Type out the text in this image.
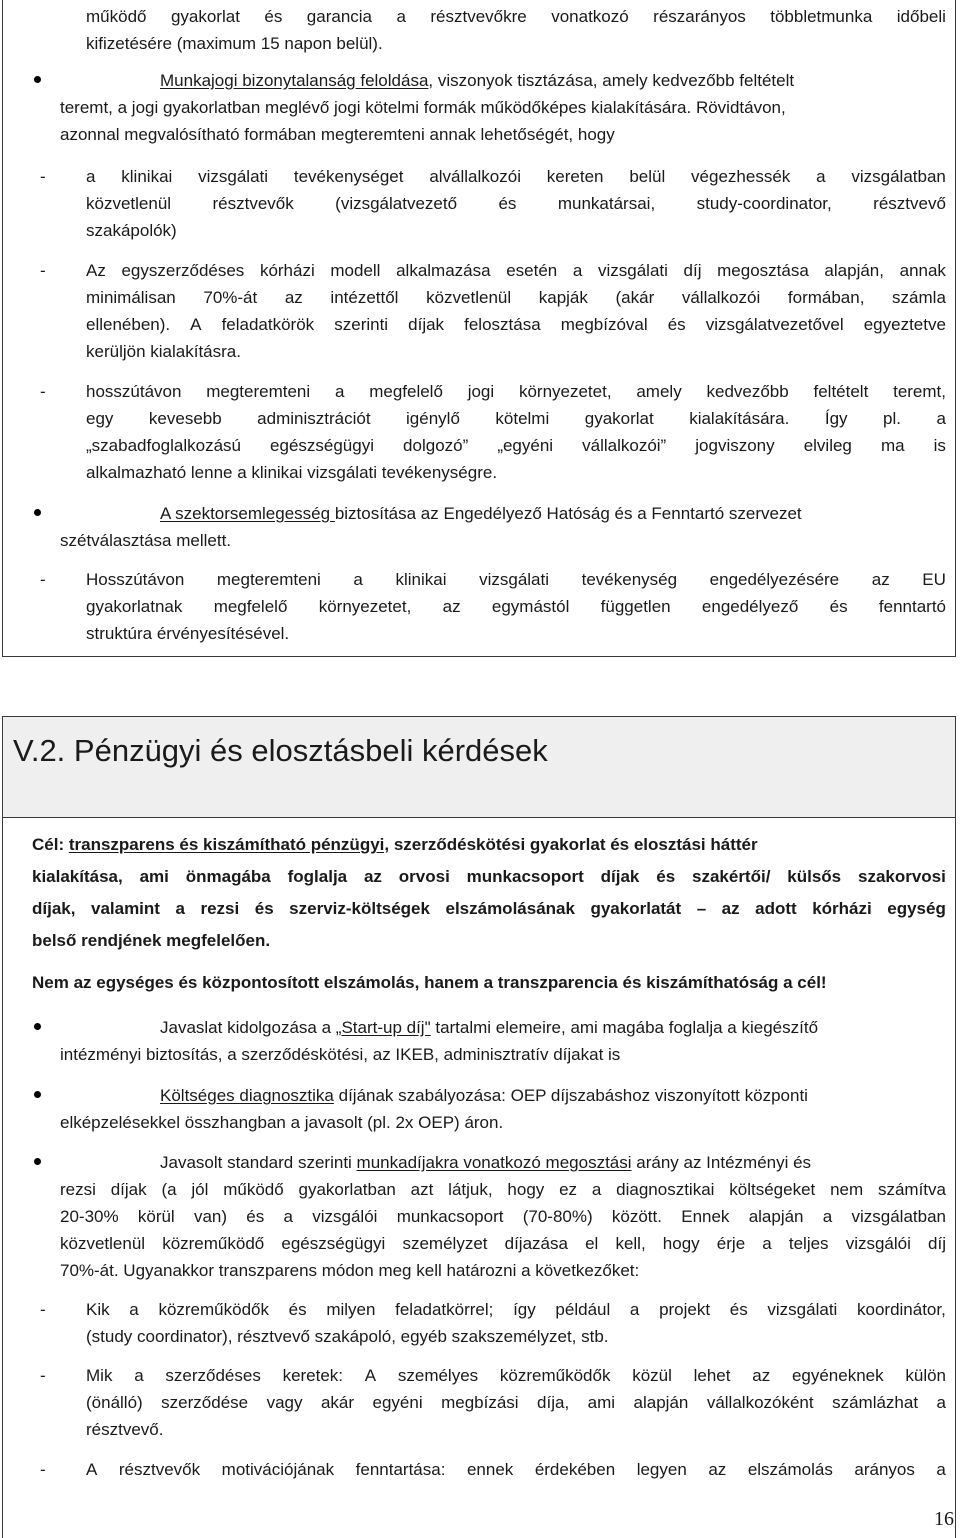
működő gyakorlat és garancia a résztvevőkre vonatkozó részarányos többletmunka időbeli
kifizetésére (maximum 15 napon belül).
Munkajogi bizonytalanság feloldása, viszonyok tisztázása, amely kedvezőbb feltételt
teremt, a jogi gyakorlatban meglévő jogi kötelmi formák működőképes kialakítására. Rövidtávon,
azonnal megvalósítható formában megteremteni annak lehetőségét, hogy
- a klinikai vizsgálati tevékenységet alvállalkozói kereten belül végezhessék a vizsgálatban
közvetlenül résztvevők (vizsgálatvezető és munkatársai, study-coordinator, résztvevő
szakápolók)
- Az egyszerződéses kórházi modell alkalmazása esetén a vizsgálati díj megosztása alapján, annak
minimálisan 70%-át az intézettől közvetlenül kapják (akár vállalkozói formában, számla
ellenében). A feladatkörök szerinti díjak felosztása megbízóval és vizsgálatvezetővel egyeztetve
kerüljön kialakításra.
- hosszútávon megteremteni a megfelelő jogi környezetet, amely kedvezőbb feltételt teremt,
egy kevesebb adminisztrációt igénylő kötelmi gyakorlat kialakítására. Így pl. a
„szabadfoglalkozású egészségügyi dolgozó” „egyéni vállalkozói” jogviszony elvileg ma is
alkalmazható lenne a klinikai vizsgálati tevékenységre.
A szektorsemlegesség biztosítása az Engedélyező Hatóság és a Fenntartó szervezet
szétválasztása mellett.
- Hosszútávon megteremteni a klinikai vizsgálati tevékenység engedélyezésére az EU
gyakorlatnak megfelelő környezetet, az egymástól független engedélyező és fenntartó
struktúra érvényesítésével.
V.2. Pénzügyi és elosztásbeli kérdések
Cél: transzparens és kiszámítható pénzügyi, szerződéskötési gyakorlat és elosztási háttér
kialakítása, ami önmagába foglalja az orvosi munkacsoport díjak és szakértői/ külsős szakorvosi
díjak, valamint a rezsi és szerviz-költségek elszámolásának gyakorlatát – az adott kórházi egység
belső rendjének megfelelően.
Nem az egységes és központosított elszámolás, hanem a transzparencia és kiszámíthatóság a cél!
Javaslat kidolgozása a „Start-up díj" tartalmi elemeire, ami magába foglalja a kiegészítő
intézményi biztosítás, a szerződéskötési, az IKEB, adminisztratív díjakat is
Költséges diagnosztika díjának szabályozása: OEP díjszabáshoz viszonyított központi
elképzelésekkel összhangban a javasolt (pl. 2x OEP) áron.
Javasolt standard szerinti munkadíjakra vonatkozó megosztási arány az Intézményi és
rezsi díjak (a jól működő gyakorlatban azt látjuk, hogy ez a diagnosztikai költségeket nem számítva
20-30% körül van) és a vizsgálói munkacsoport (70-80%) között. Ennek alapján a vizsgálatban
közvetlenül közreműködő egészségügyi személyzet díjazása el kell, hogy érje a teljes vizsgálói díj
70%-át. Ugyanakkor transzparens módon meg kell határozni a következőket:
- Kik a közreműködők és milyen feladatkörrel; így például a projekt és vizsgálati koordinátor,
(study coordinator), résztvevő szakápoló, egyéb szakszemélyzet, stb.
- Mik a szerződéses keretek: A személyes közreműködők közül lehet az egyéneknek külön
(önálló) szerződése vagy akár egyéni megbízási díja, ami alapján vállalkozóként számlázhat a
résztvevő.
- A résztvevők motivációjának fenntartása: ennek érdekében legyen az elszámolás arányos a
16
